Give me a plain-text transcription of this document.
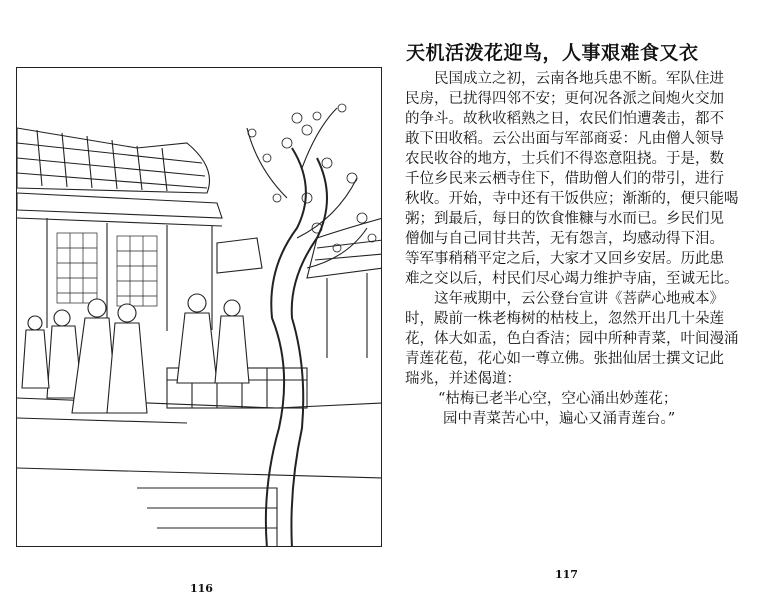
116
天机活泼花迎鸟，人事艰难食又衣
民国成立之初，云南各地兵患不断。军队住进
民房，已扰得四邻不安；更何况各派之间炮火交加
的争斗。故秋收稻熟之日，农民们怕遭袭击，都不
敢下田收稻。云公出面与军部商妥：凡由僧人领导
农民收谷的地方，士兵们不得恣意阻挠。于是，数
千位乡民来云栖寺住下，借助僧人们的带引，进行
秋收。开始，寺中还有干饭供应；渐渐的，便只能喝
粥；到最后，每日的饮食惟糠与水而已。乡民们见
僧伽与自己同甘共苦，无有怨言，均感动得下泪。
等军事稍稍平定之后，大家才又回乡安居。历此患
难之交以后，村民们尽心竭力维护寺庙，至诚无比。
这年戒期中，云公登台宣讲《菩萨心地戒本》
时，殿前一株老梅树的枯枝上，忽然开出几十朵莲
花，体大如盂，色白香洁；园中所种青菜，叶间漫涌
青莲花苞，花心如一尊立佛。张拙仙居士撰文记此
瑞兆，并述偈道：
“枯梅已老半心空，空心涌出妙莲花；
园中青菜苦心中，遍心又涌青莲台。”
117
